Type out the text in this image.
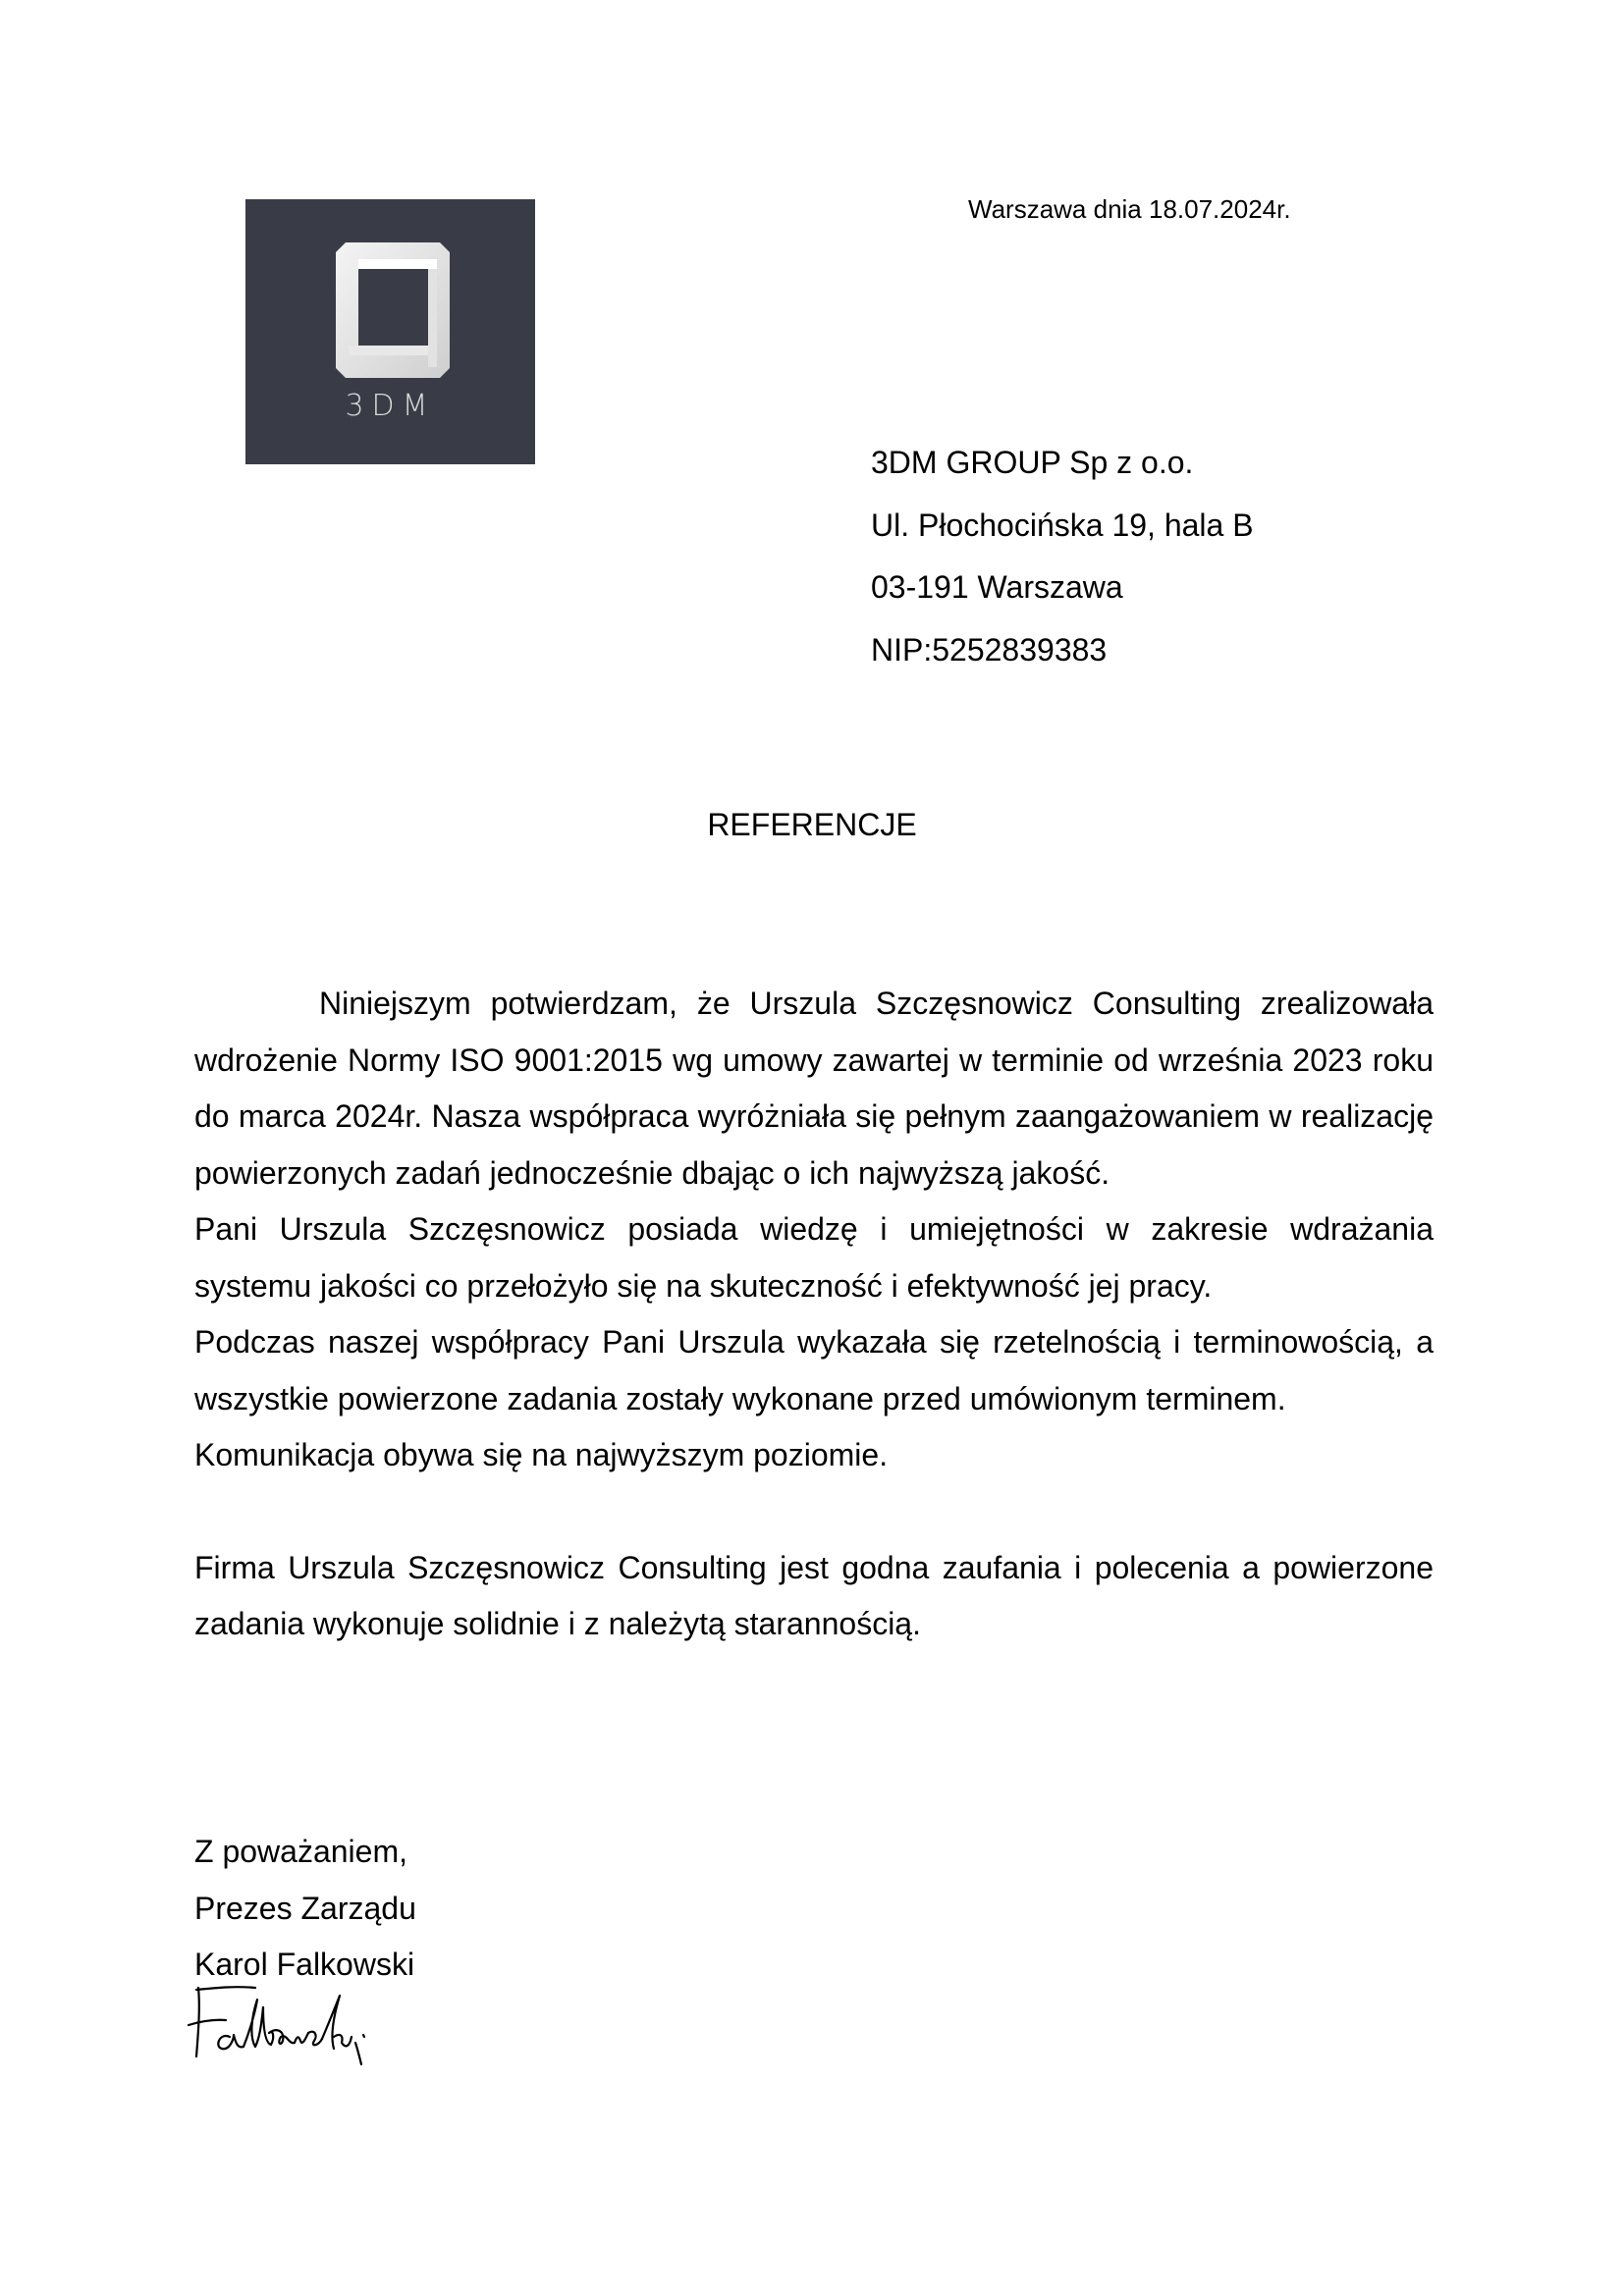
3DM
Warszawa dnia 18.07.2024r.
3DM GROUP Sp z o.o.
Ul. Płochocińska 19, hala B
03-191 Warszawa
NIP:5252839383
REFERENCJE

Niniejszym potwierdzam, że Urszula Szczęsnowicz Consulting zrealizowała wdrożenie Normy ISO 9001:2015 wg umowy zawartej w terminie od września 2023 roku do marca 2024r. Nasza współpraca wyróżniała się pełnym zaangażowaniem w realizację powierzonych zadań jednocześnie dbając o ich najwyższą jakość.

Pani Urszula Szczęsnowicz posiada wiedzę i umiejętności w zakresie wdrażania systemu jakości co przełożyło się na skuteczność i efektywność jej pracy.

Podczas naszej współpracy Pani Urszula wykazała się rzetelnością i terminowością, a wszystkie powierzone zadania zostały wykonane przed umówionym terminem.

Komunikacja obywa się na najwyższym poziomie.

Firma Urszula Szczęsnowicz Consulting jest godna zaufania i polecenia a powierzone zadania wykonuje solidnie i z należytą starannością.

Z poważaniem,
Prezes Zarządu
Karol Falkowski
